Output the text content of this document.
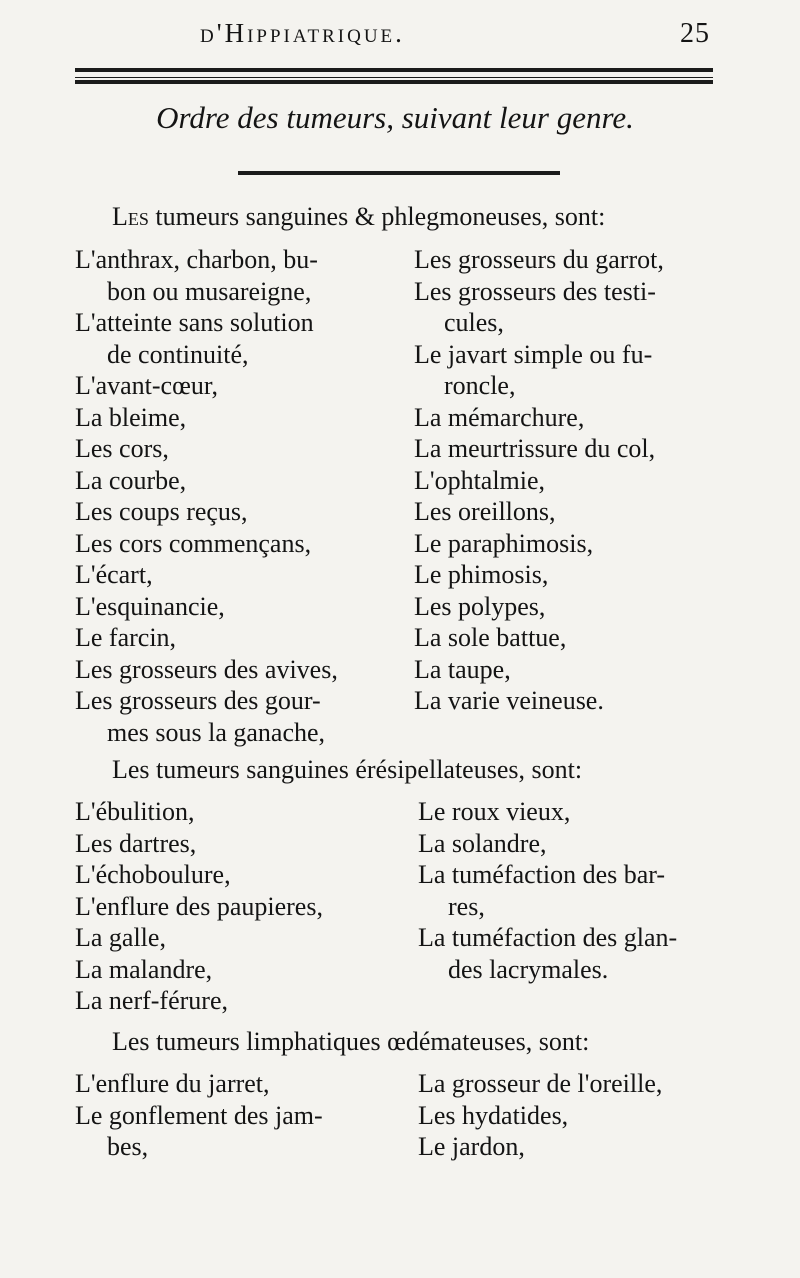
d'Hippiatrique.	25
Ordre des tumeurs, suivant leur genre.
Les tumeurs sanguines & phlegmoneuses, sont:
L'anthrax, charbon, bu-
bon ou musareigne,
L'atteinte sans solution
de continuité,
L'avant-cœur,
La bleime,
Les cors,
La courbe,
Les coups reçus,
Les cors commençans,
L'écart,
L'esquinancie,
Le farcin,
Les grosseurs des avives,
Les grosseurs des gour-
mes sous la ganache,
Les grosseurs du garrot,
Les grosseurs des testi-
cules,
Le javart simple ou fu-
roncle,
La mémarchure,
La meurtrissure du col,
L'ophtalmie,
Les oreillons,
Le paraphimosis,
Le phimosis,
Les polypes,
La sole battue,
La taupe,
La varie veineuse.
Les tumeurs sanguines érésipellateuses, sont:
L'ébulition,
Les dartres,
L'échoboulure,
L'enflure des paupieres,
La galle,
La malandre,
La nerf-férure,
Le roux vieux,
La solandre,
La tuméfaction des bar-
res,
La tuméfaction des glan-
des lacrymales.
Les tumeurs limphatiques œdémateuses, sont:
L'enflure du jarret,
Le gonflement des jam-
bes,
La grosseur de l'oreille,
Les hydatides,
Le jardon,
